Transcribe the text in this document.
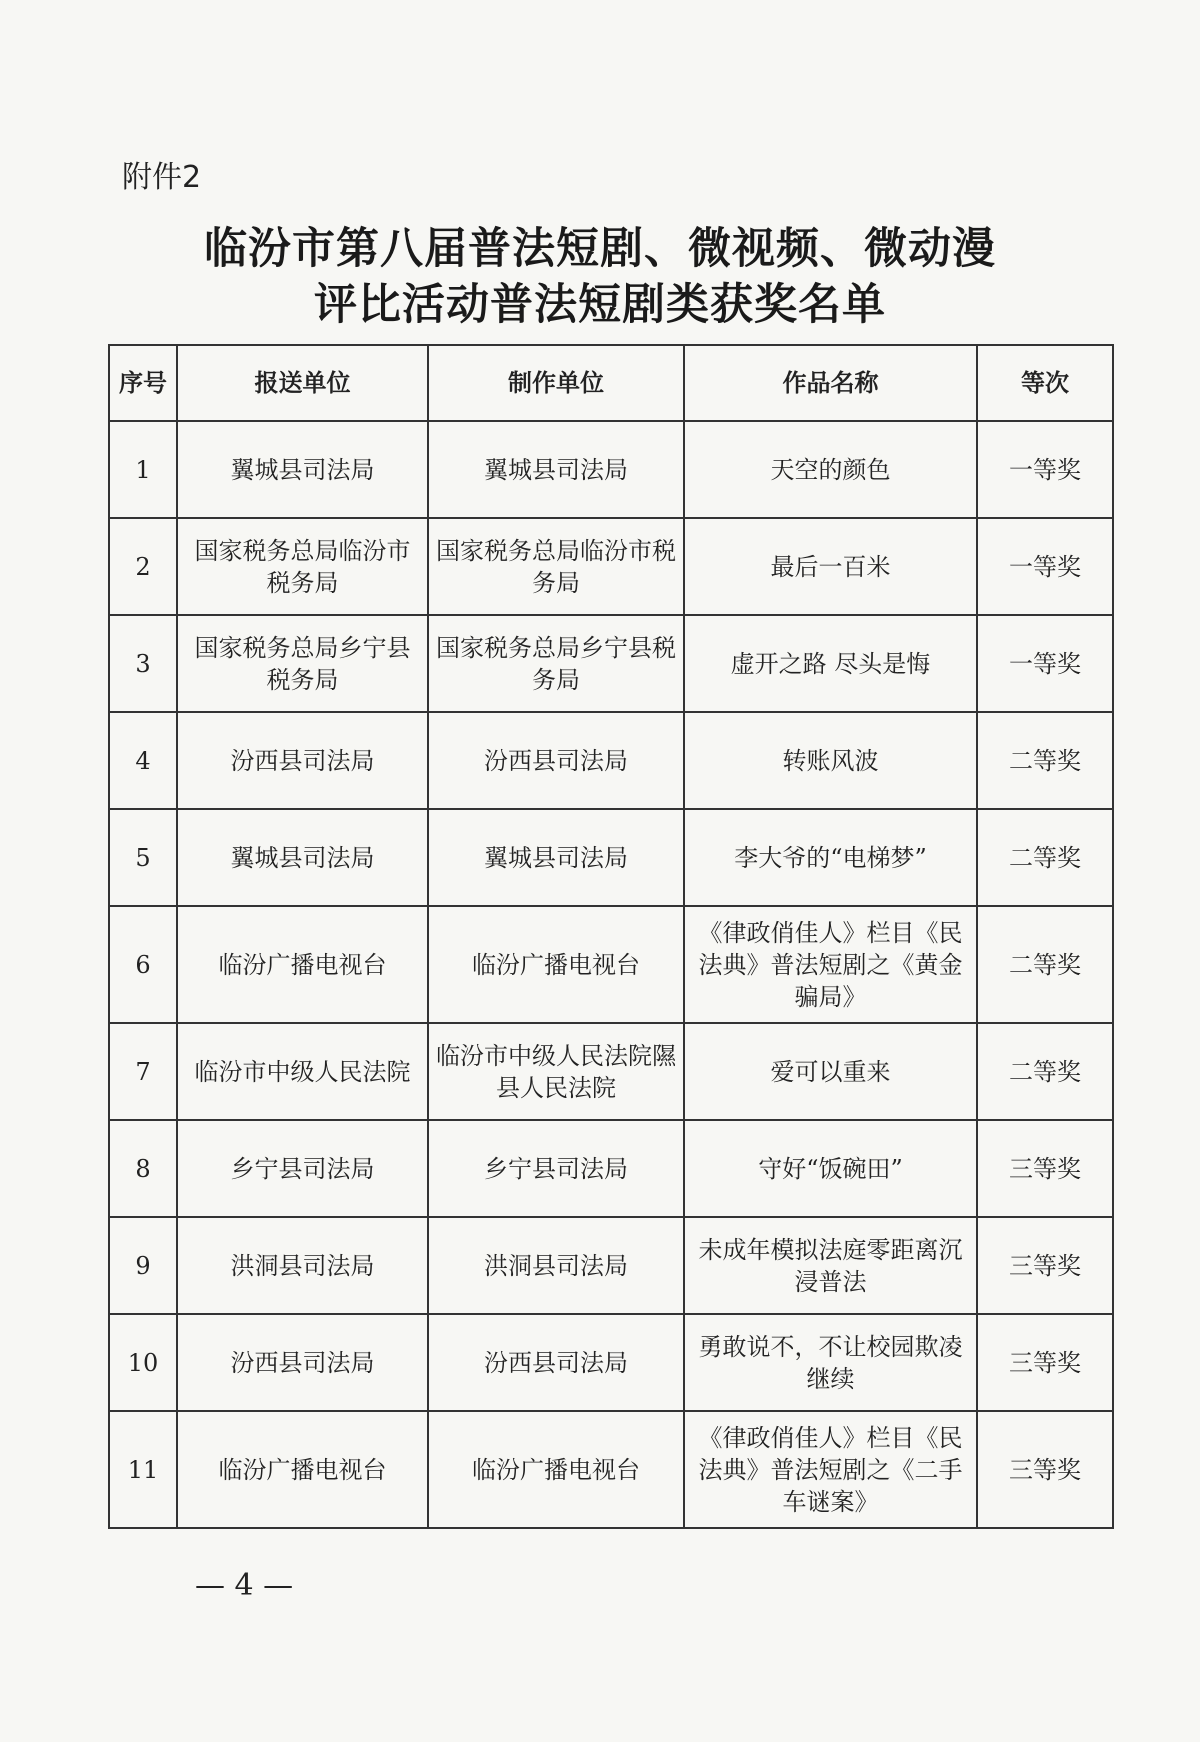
附件2
临汾市第八届普法短剧、微视频、微动漫
评比活动普法短剧类获奖名单
序号	报送单位	制作单位	作品名称	等次
1	翼城县司法局	翼城县司法局	天空的颜色	一等奖
2	国家税务总局临汾市税务局	国家税务总局临汾市税务局	最后一百米	一等奖
3	国家税务总局乡宁县税务局	国家税务总局乡宁县税务局	虚开之路 尽头是悔	一等奖
4	汾西县司法局	汾西县司法局	转账风波	二等奖
5	翼城县司法局	翼城县司法局	李大爷的“电梯梦”	二等奖
6	临汾广播电视台	临汾广播电视台	《律政俏佳人》栏目《民法典》普法短剧之《黄金骗局》	二等奖
7	临汾市中级人民法院	临汾市中级人民法院隰县人民法院	爱可以重来	二等奖
8	乡宁县司法局	乡宁县司法局	守好“饭碗田”	三等奖
9	洪洞县司法局	洪洞县司法局	未成年模拟法庭零距离沉浸普法	三等奖
10	汾西县司法局	汾西县司法局	勇敢说不，不让校园欺凌继续	三等奖
11	临汾广播电视台	临汾广播电视台	《律政俏佳人》栏目《民法典》普法短剧之《二手车谜案》	三等奖
— 4 —
